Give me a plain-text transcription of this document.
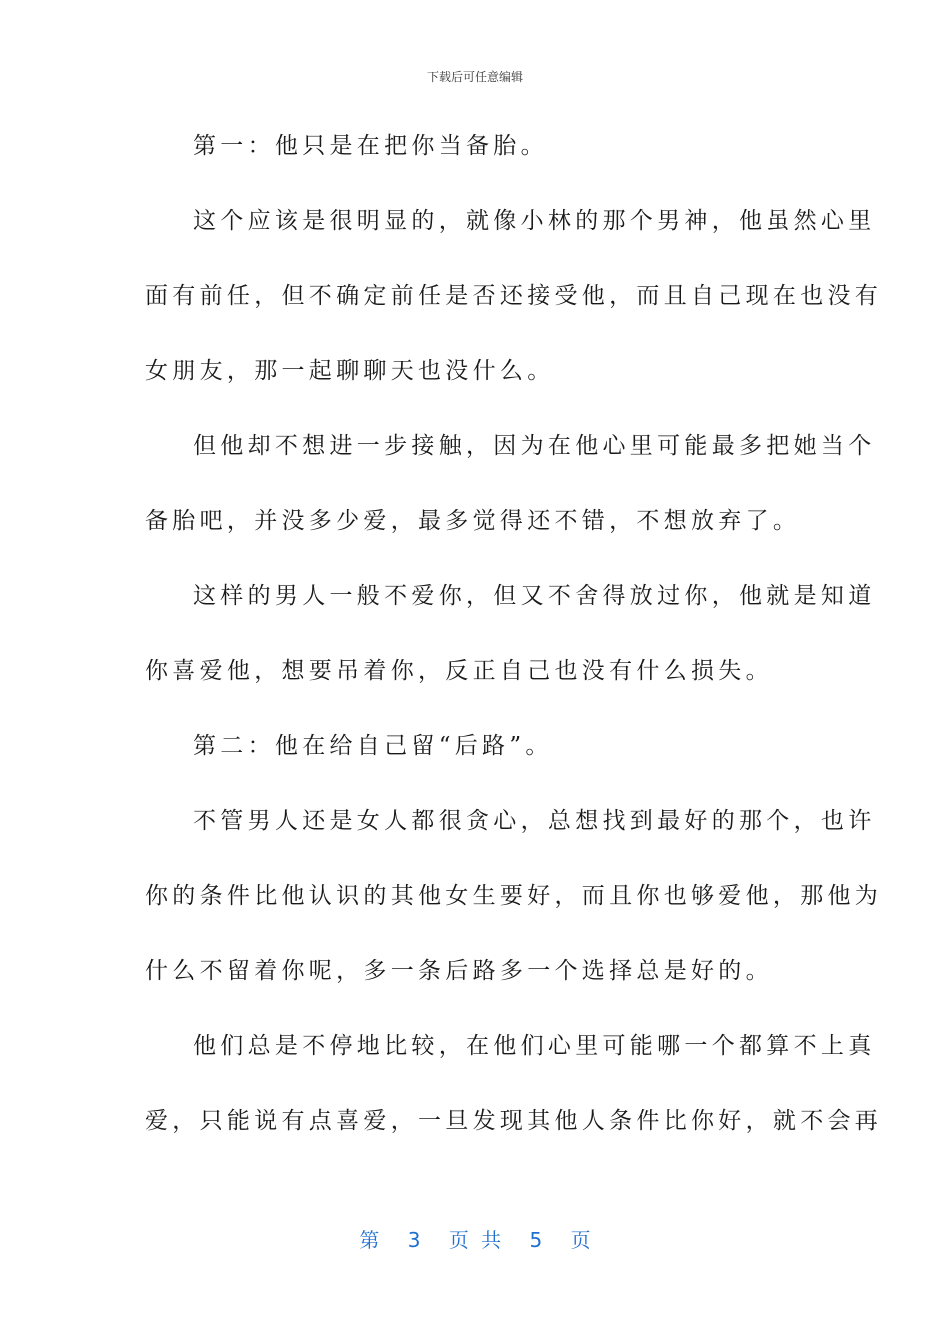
下载后可任意编辑
第一：他只是在把你当备胎。
这个应该是很明显的，就像小林的那个男神，他虽然心里
面有前任，但不确定前任是否还接受他，而且自己现在也没有
女朋友，那一起聊聊天也没什么。
但他却不想进一步接触，因为在他心里可能最多把她当个
备胎吧，并没多少爱，最多觉得还不错，不想放弃了。
这样的男人一般不爱你，但又不舍得放过你，他就是知道
你喜爱他，想要吊着你，反正自己也没有什么损失。
第二：他在给自己留“后路”。
不管男人还是女人都很贪心，总想找到最好的那个，也许
你的条件比他认识的其他女生要好，而且你也够爱他，那他为
什么不留着你呢，多一条后路多一个选择总是好的。
他们总是不停地比较，在他们心里可能哪一个都算不上真
爱，只能说有点喜爱，一旦发现其他人条件比你好，就不会再
第 3 页 共 5 页
